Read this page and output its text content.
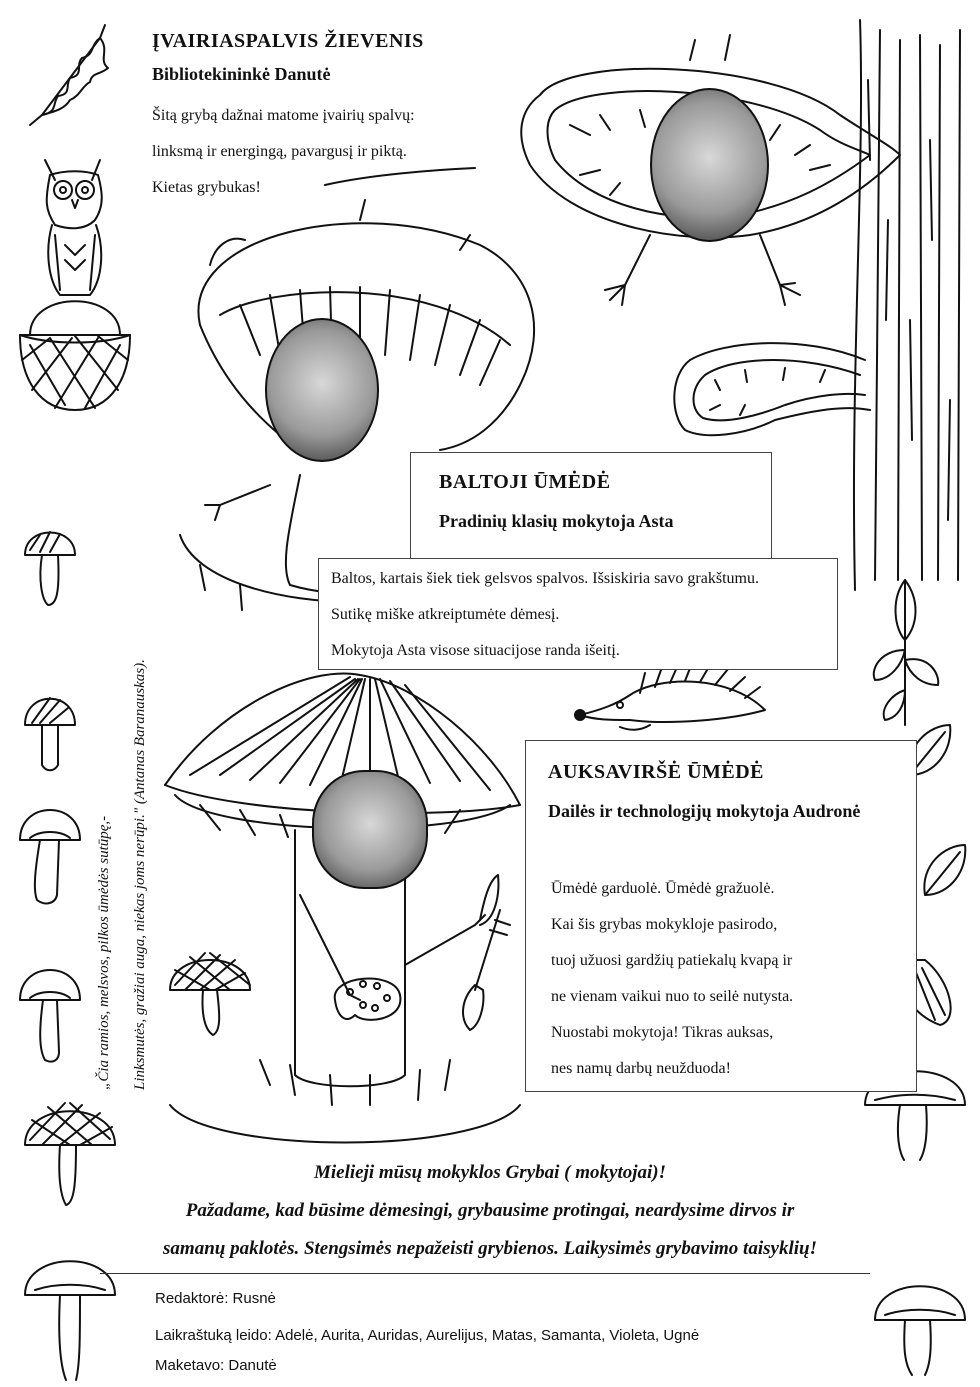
ĮVAIRIASPALVIS ŽIEVENIS
Bibliotekininkė Danutė

Šitą grybą dažnai matome įvairių spalvų:

linksmą ir energingą, pavargusį ir piktą.

Kietas grybukas!

BALTOJI ŪMĖDĖ
Pradinių klasių mokytoja Asta

Baltos, kartais šiek tiek gelsvos spalvos. Išsiskiria savo grakštumu.

Sutikę miške atkreiptumėte dėmesį.

Mokytoja Asta visose situacijose randa išeitį.

AUKSAVIRŠĖ ŪMĖDĖ
Dailės ir technologijų mokytoja Audronė

Ūmėdė garduolė. Ūmėdė gražuolė.

Kai šis grybas mokykloje pasirodo,

tuoj užuosi gardžių patiekalų kvapą ir

ne vienam vaikui nuo to seilė nutysta.

Nuostabi mokytoja! Tikras auksas,

nes namų darbų neužduoda!

„Čia ramios, melsvos, pilkos ūmėdės sutūpę,- Linksmutės, gražiai auga, niekas joms nerūpi." (Antanas Baranauskas).
Mielieji mūsų mokyklos Grybai ( mokytojai)!
Pažadame, kad būsime dėmesingi, grybausime protingai, neardysime dirvos ir
samanų paklotės. Stengsimės nepažeisti grybienos. Laikysimės grybavimo taisyklių!
Redaktorė: Rusnė
Laikraštuką leido: Adelė, Aurita, Auridas, Aurelijus, Matas, Samanta, Violeta, Ugnė
Maketavo: Danutė
